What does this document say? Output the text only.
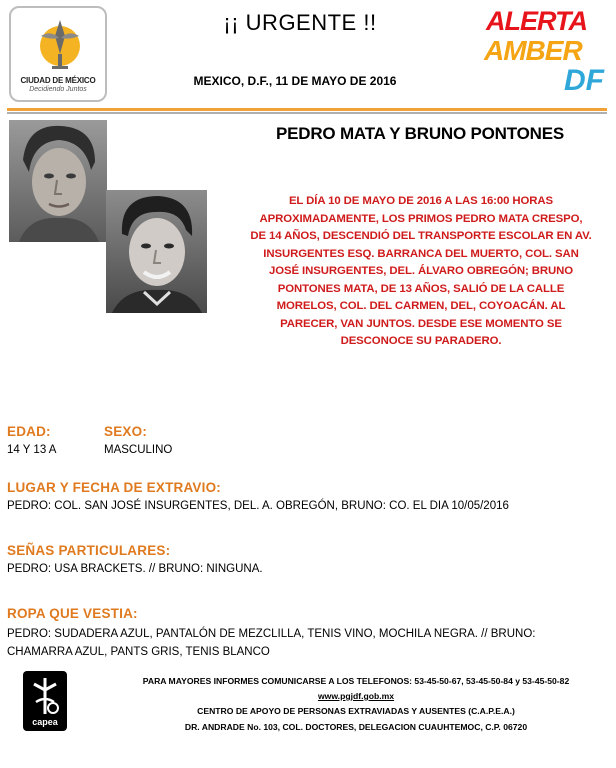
CIUDAD DE MÉXICO
Decidiendo Juntos
¡¡ URGENTE !!
MEXICO, D.F., 11 DE MAYO DE 2016
ALERTA
AMBER
DF
PEDRO MATA Y BRUNO PONTONES
EL DÍA 10 DE MAYO DE 2016 A LAS 16:00 HORAS
APROXIMADAMENTE, LOS PRIMOS PEDRO MATA CRESPO,
DE 14 AÑOS, DESCENDIÓ DEL TRANSPORTE ESCOLAR EN AV.
INSURGENTES ESQ. BARRANCA DEL MUERTO, COL. SAN
JOSÉ INSURGENTES, DEL. ÁLVARO OBREGÓN; BRUNO
PONTONES MATA, DE 13 AÑOS, SALIÓ DE LA CALLE
MORELOS, COL. DEL CARMEN, DEL, COYOACÁN. AL
PARECER, VAN JUNTOS. DESDE ESE MOMENTO SE
DESCONOCE SU PARADERO.
EDAD:
14 Y 13 A
SEXO:
MASCULINO
LUGAR Y FECHA DE EXTRAVIO:
PEDRO: COL. SAN JOSÉ INSURGENTES, DEL. A. OBREGÓN, BRUNO: CO. EL DIA 10/05/2016
SEÑAS PARTICULARES:
PEDRO: USA BRACKETS. // BRUNO: NINGUNA.
ROPA QUE VESTIA:
PEDRO: SUDADERA AZUL, PANTALÓN DE MEZCLILLA, TENIS VINO, MOCHILA NEGRA. // BRUNO:
CHAMARRA AZUL, PANTS GRIS, TENIS BLANCO
capea
PARA MAYORES INFORMES COMUNICARSE A LOS TELEFONOS: 53-45-50-67, 53-45-50-84 y 53-45-50-82
www.pgjdf.gob.mx
CENTRO DE APOYO DE PERSONAS EXTRAVIADAS Y AUSENTES (C.A.P.E.A.)
DR. ANDRADE No. 103, COL. DOCTORES, DELEGACION CUAUHTEMOC, C.P. 06720
